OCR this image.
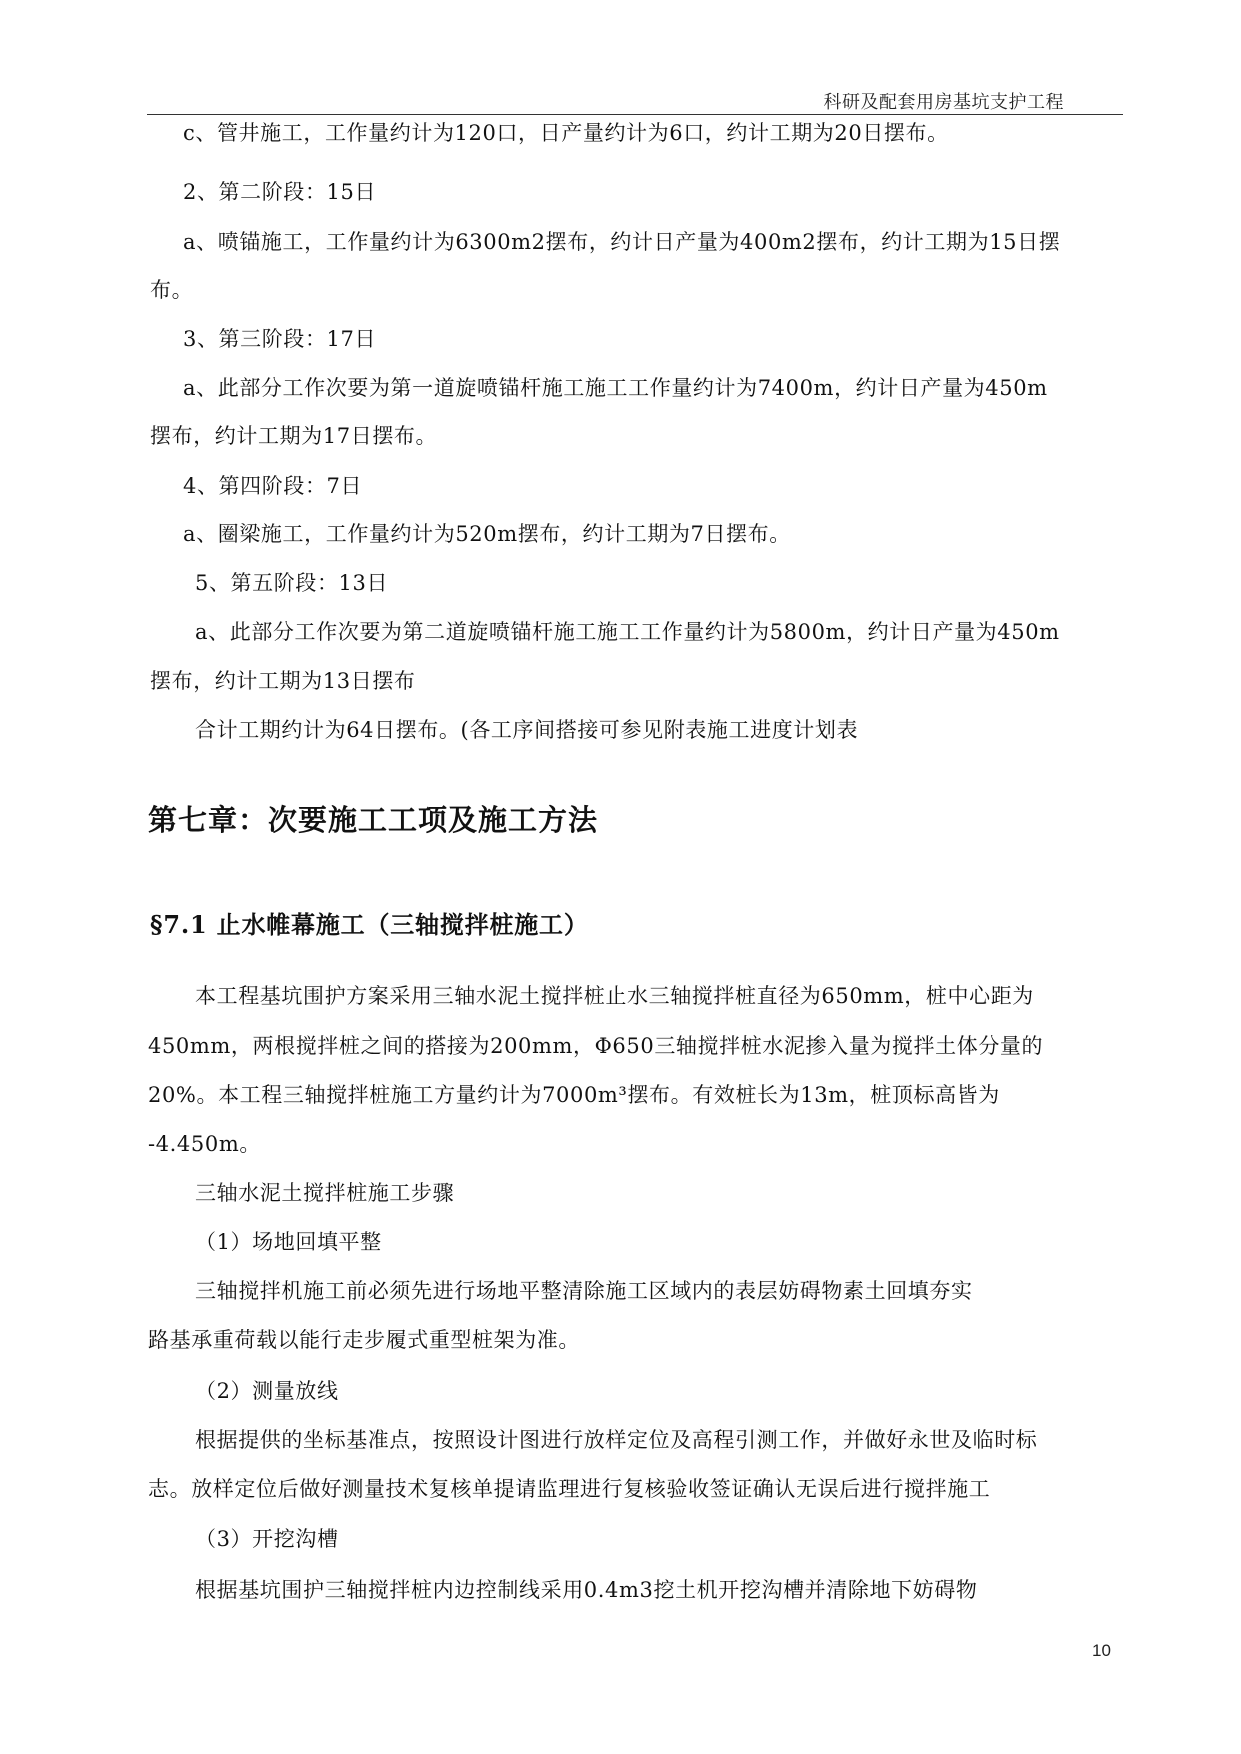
科研及配套用房基坑支护工程
c、管井施工，工作量约计为120口，日产量约计为6口，约计工期为20日摆布。
2、第二阶段：15日
a、喷锚施工，工作量约计为6300m2摆布，约计日产量为400m2摆布，约计工期为15日摆
布。
3、第三阶段：17日
a、此部分工作次要为第一道旋喷锚杆施工施工工作量约计为7400m，约计日产量为450m
摆布，约计工期为17日摆布。
4、第四阶段：7日
a、圈梁施工，工作量约计为520m摆布，约计工期为7日摆布。
5、第五阶段：13日
a、此部分工作次要为第二道旋喷锚杆施工施工工作量约计为5800m，约计日产量为450m
摆布，约计工期为13日摆布
合计工期约计为64日摆布。(各工序间搭接可参见附表施工进度计划表
第七章：次要施工工项及施工方法
§7.1 止水帷幕施工（三轴搅拌桩施工）
本工程基坑围护方案采用三轴水泥土搅拌桩止水三轴搅拌桩直径为650mm，桩中心距为
450mm，两根搅拌桩之间的搭接为200mm，Φ650三轴搅拌桩水泥掺入量为搅拌土体分量的
20%。本工程三轴搅拌桩施工方量约计为7000m³摆布。有效桩长为13m，桩顶标高皆为
-4.450m。
三轴水泥土搅拌桩施工步骤
（1）场地回填平整
三轴搅拌机施工前必须先进行场地平整清除施工区域内的表层妨碍物素土回填夯实
路基承重荷载以能行走步履式重型桩架为准。
（2）测量放线
根据提供的坐标基准点，按照设计图进行放样定位及高程引测工作，并做好永世及临时标
志。放样定位后做好测量技术复核单提请监理进行复核验收签证确认无误后进行搅拌施工
（3）开挖沟槽
根据基坑围护三轴搅拌桩内边控制线采用0.4m3挖土机开挖沟槽并清除地下妨碍物
10
